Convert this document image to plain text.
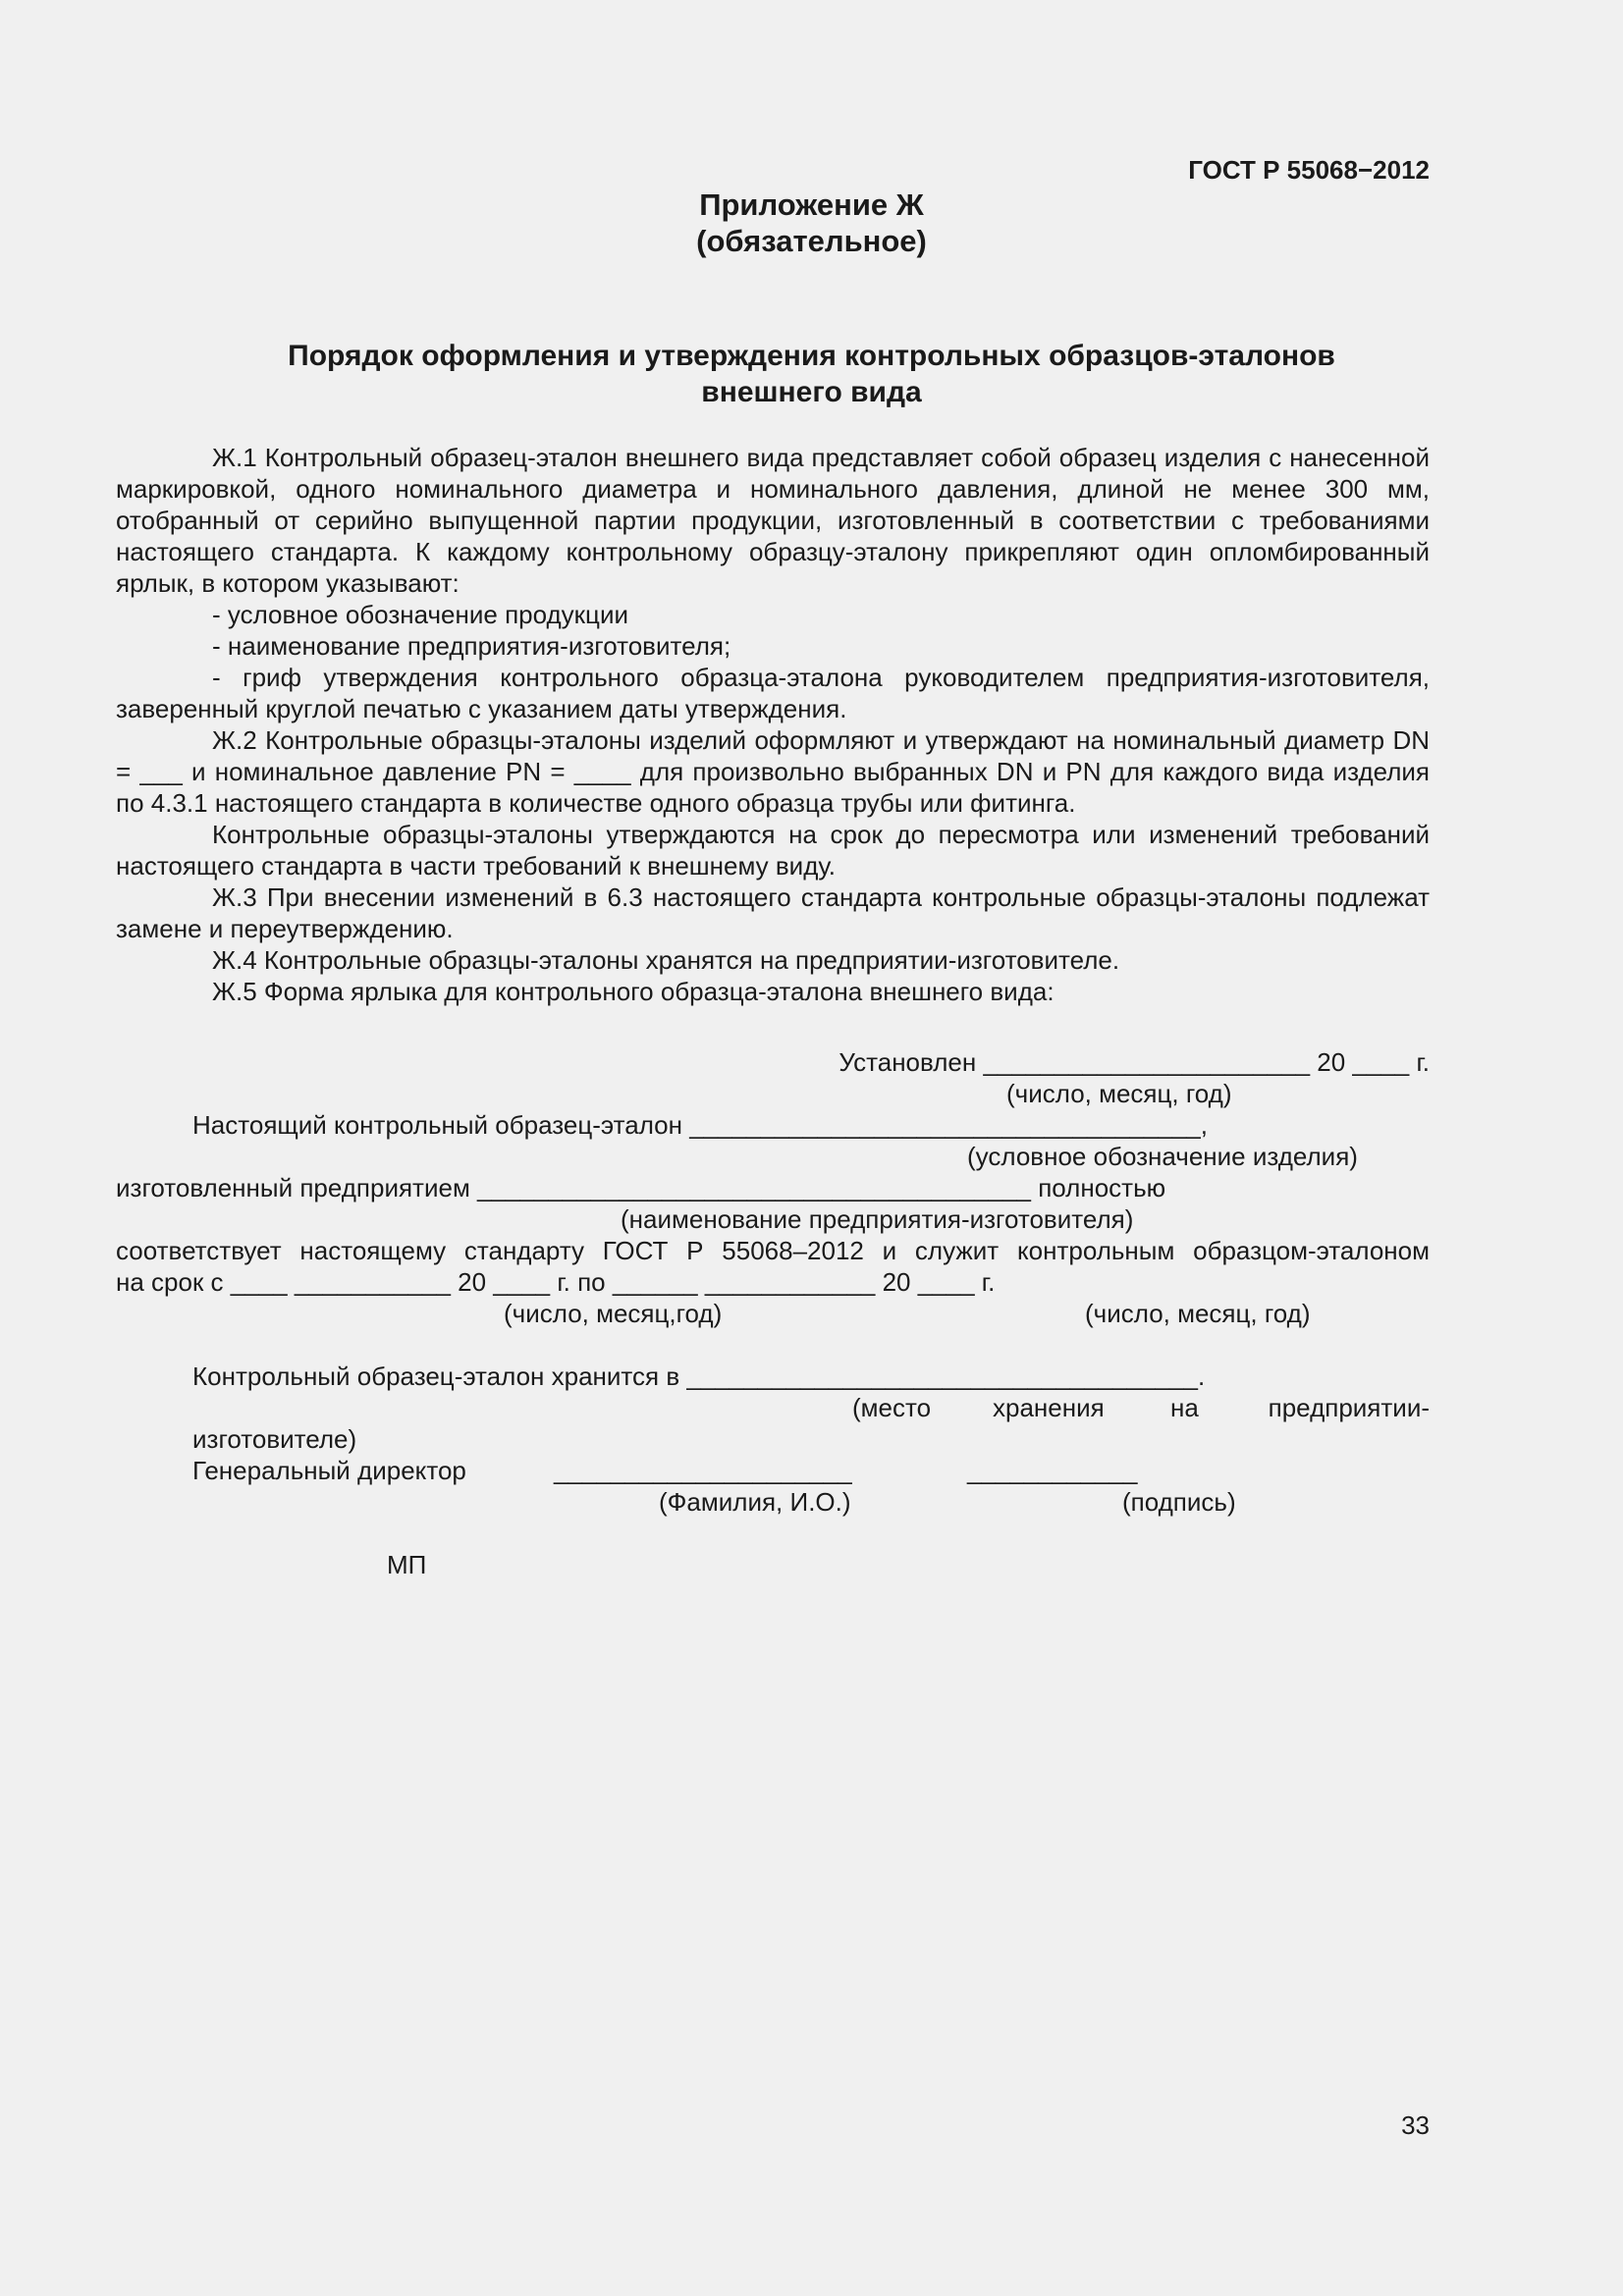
ГОСТ Р 55068−2012
Приложение Ж
(обязательное)
Порядок оформления и утверждения контрольных образцов-эталонов
внешнего вида
Ж.1 Контрольный образец-эталон внешнего вида представляет собой образец изделия с нанесенной маркировкой, одного номинального диаметра и номинального давления, длиной не менее 300 мм, отобранный от серийно выпущенной партии продукции, изготовленный в соответствии с требованиями настоящего стандарта. К каждому контрольному образцу-эталону прикрепляют один опломбированный ярлык, в котором указывают:
- условное обозначение продукции
- наименование предприятия-изготовителя;
- гриф утверждения контрольного образца-эталона руководителем предприятия-изготовителя, заверенный круглой печатью с указанием даты утверждения.
Ж.2 Контрольные образцы-эталоны изделий оформляют и утверждают на номинальный диаметр DN = ___ и номинальное давление PN = ____ для произвольно выбранных DN и PN для каждого вида изделия по 4.3.1 настоящего стандарта в количестве одного образца трубы или фитинга.
Контрольные образцы-эталоны утверждаются на срок до пересмотра или изменений требований настоящего стандарта в части требований к внешнему виду.
Ж.3 При внесении изменений в 6.3 настоящего стандарта контрольные образцы-эталоны подлежат замене и переутверждению.
Ж.4 Контрольные образцы-эталоны хранятся на предприятии-изготовителе.
Ж.5 Форма ярлыка для контрольного образца-эталона внешнего вида:
Установлен _______________________ 20 ____ г.
(число, месяц, год)
Настоящий контрольный образец-эталон ____________________________________,
(условное обозначение изделия)
изготовленный предприятием _______________________________________ полностью
(наименование предприятия-изготовителя)
соответствует настоящему стандарту ГОСТ Р 55068–2012 и служит контрольным образцом-эталоном
на срок с ____ ___________ 20 ____ г. по ______ ____________ 20 ____ г.
(число, месяц,год)	(число, месяц, год)
Контрольный образец-эталон хранится в ____________________________________.
(место хранения	на	предприятии-
изготовителе)
Генеральный директор	_____________________	____________
(Фамилия, И.О.)	(подпись)
МП
33
